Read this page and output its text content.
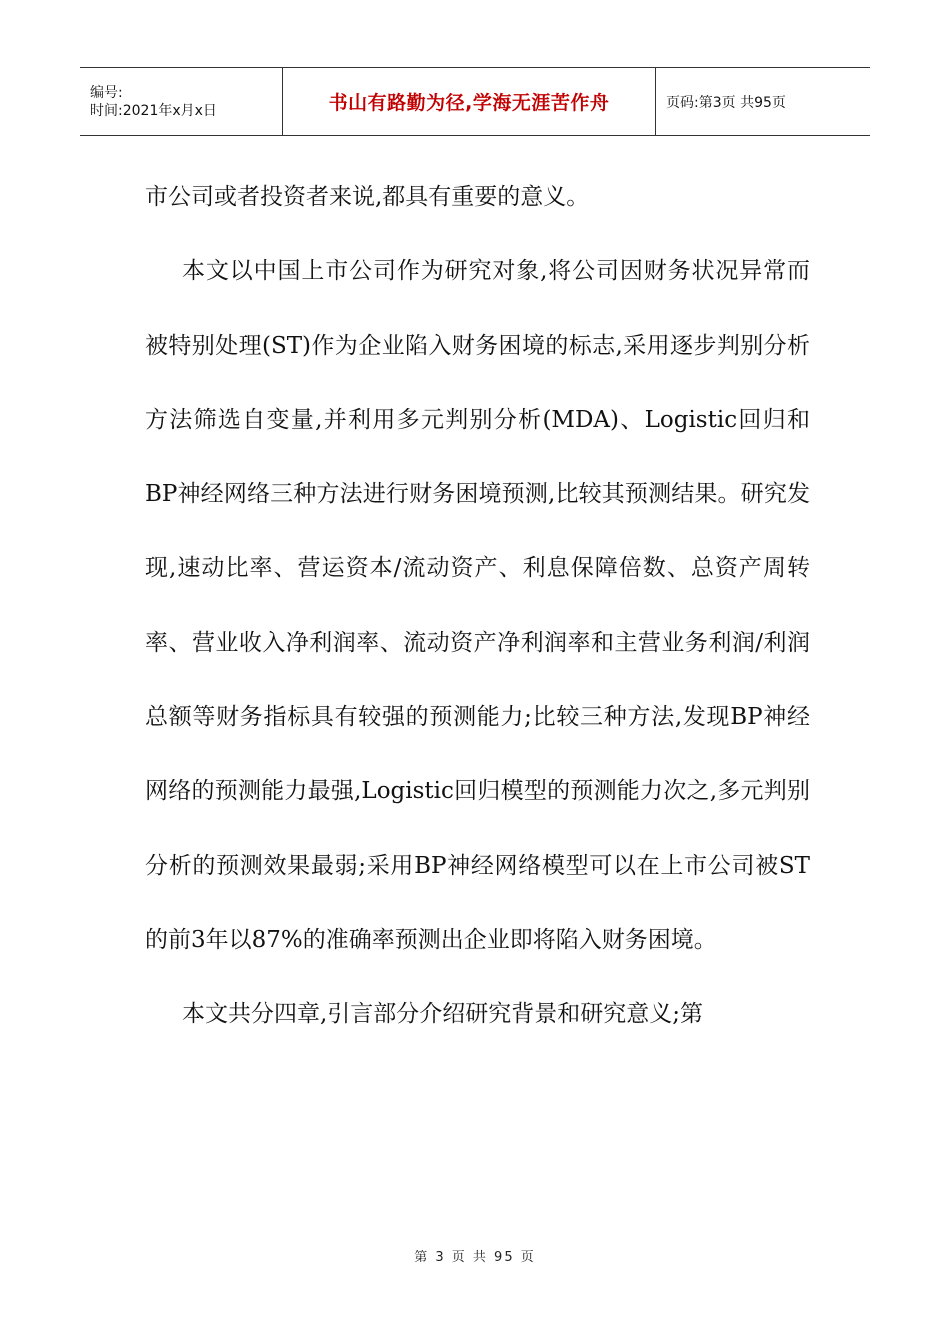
编号:
时间:2021年x月x日	书山有路勤为径,学海无涯苦作舟	页码:第3页 共95页

市公司或者投资者来说,都具有重要的意义。

本文以中国上市公司作为研究对象,将公司因财务状况异常而被特别处理(ST)作为企业陷入财务困境的标志,采用逐步判别分析方法筛选自变量,并利用多元判别分析(MDA)、Logistic回归和BP神经网络三种方法进行财务困境预测,比较其预测结果。研究发现,速动比率、营运资本/流动资产、利息保障倍数、总资产周转率、营业收入净利润率、流动资产净利润率和主营业务利润/利润总额等财务指标具有较强的预测能力;比较三种方法,发现BP神经网络的预测能力最强,Logistic回归模型的预测能力次之,多元判别分析的预测效果最弱;采用BP神经网络模型可以在上市公司被ST的前3年以87%的准确率预测出企业即将陷入财务困境。

本文共分四章,引言部分介绍研究背景和研究意义;第

第 3 页 共 95 页
